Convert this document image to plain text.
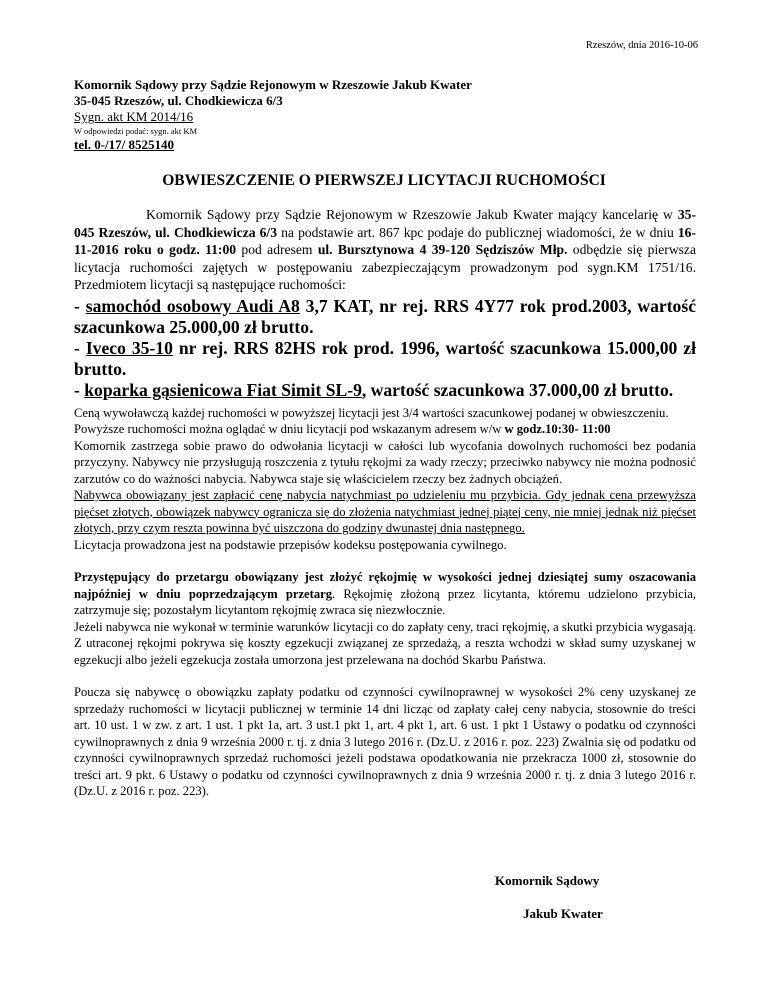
Rzeszów, dnia 2016-10-06
Komornik Sądowy przy Sądzie Rejonowym w Rzeszowie Jakub Kwater
35-045 Rzeszów, ul. Chodkiewicza 6/3
Sygn. akt KM 2014/16
W odpowiedzi podać: sygn. akt KM
tel. 0-/17/ 8525140
OBWIESZCZENIE O PIERWSZEJ LICYTACJI RUCHOMOŚCI

Komornik Sądowy przy Sądzie Rejonowym w Rzeszowie Jakub Kwater mający kancelarię w 35-045 Rzeszów, ul. Chodkiewicza 6/3 na podstawie art. 867 kpc podaje do publicznej wiadomości, że w dniu 16-11-2016 roku o godz. 11:00 pod adresem ul. Bursztynowa 4 39-120 Sędziszów Młp. odbędzie się pierwsza licytacja ruchomości zajętych w postępowaniu zabezpieczającym prowadzonym pod sygn.KM 1751/16. Przedmiotem licytacji są następujące ruchomości:

- samochód osobowy Audi A8 3,7 KAT, nr rej. RRS 4Y77 rok prod.2003, wartość szacunkowa 25.000,00 zł brutto.
- Iveco 35-10 nr rej. RRS 82HS rok prod. 1996, wartość szacunkowa 15.000,00 zł brutto.
- koparka gąsienicowa Fiat Simit SL-9, wartość szacunkowa 37.000,00 zł brutto.

Ceną wywoławczą każdej ruchomości w powyższej licytacji jest 3/4 wartości szacunkowej podanej w obwieszczeniu.

Powyższe ruchomości można oglądać w dniu licytacji pod wskazanym adresem w/w w godz.10:30- 11:00

Komornik zastrzega sobie prawo do odwołania licytacji w całości lub wycofania dowolnych ruchomości bez podania przyczyny. Nabywcy nie przysługują roszczenia z tytułu rękojmi za wady rzeczy; przeciwko nabywcy nie można podnosić zarzutów co do ważności nabycia. Nabywca staje się właścicielem rzeczy bez żadnych obciążeń.

Nabywca obowiązany jest zapłacić cenę nabycia natychmiast po udzieleniu mu przybicia. Gdy jednak cena przewyższa pięćset złotych, obowiązek nabywcy ogranicza się do złożenia natychmiast jednej piątej ceny, nie mniej jednak niż pięćset złotych, przy czym reszta powinna być uiszczona do godziny dwunastej dnia następnego.

Licytacja prowadzona jest na podstawie przepisów kodeksu postępowania cywilnego.

Przystępujący do przetargu obowiązany jest złożyć rękojmię w wysokości jednej dziesiątej sumy oszacowania najpóźniej w dniu poprzedzającym przetarg. Rękojmię złożoną przez licytanta, któremu udzielono przybicia, zatrzymuje się; pozostałym licytantom rękojmię zwraca się niezwłocznie.

Jeżeli nabywca nie wykonał w terminie warunków licytacji co do zapłaty ceny, traci rękojmię, a skutki przybicia wygasają. Z utraconej rękojmi pokrywa się koszty egzekucji związanej ze sprzedażą, a reszta wchodzi w skład sumy uzyskanej w egzekucji albo jeżeli egzekucja została umorzona jest przelewana na dochód Skarbu Państwa.

Poucza się nabywcę o obowiązku zapłaty podatku od czynności cywilnoprawnej w wysokości 2% ceny uzyskanej ze sprzedaży ruchomości w licytacji publicznej w terminie 14 dni licząc od zapłaty całej ceny nabycia, stosownie do treści art. 10 ust. 1 w zw. z art. 1 ust. 1 pkt 1a, art. 3 ust.1 pkt 1, art. 4 pkt 1, art. 6 ust. 1 pkt 1 Ustawy o podatku od czynności cywilnoprawnych z dnia 9 września 2000 r. tj. z dnia 3 lutego 2016 r. (Dz.U. z 2016 r. poz. 223) Zwalnia się od podatku od czynności cywilnoprawnych sprzedaż ruchomości jeżeli podstawa opodatkowania nie przekracza 1000 zł, stosownie do treści art. 9 pkt. 6 Ustawy o podatku od czynności cywilnoprawnych z dnia 9 września 2000 r. tj. z dnia 3 lutego 2016 r. (Dz.U. z 2016 r. poz. 223).

Komornik Sądowy
Jakub Kwater
